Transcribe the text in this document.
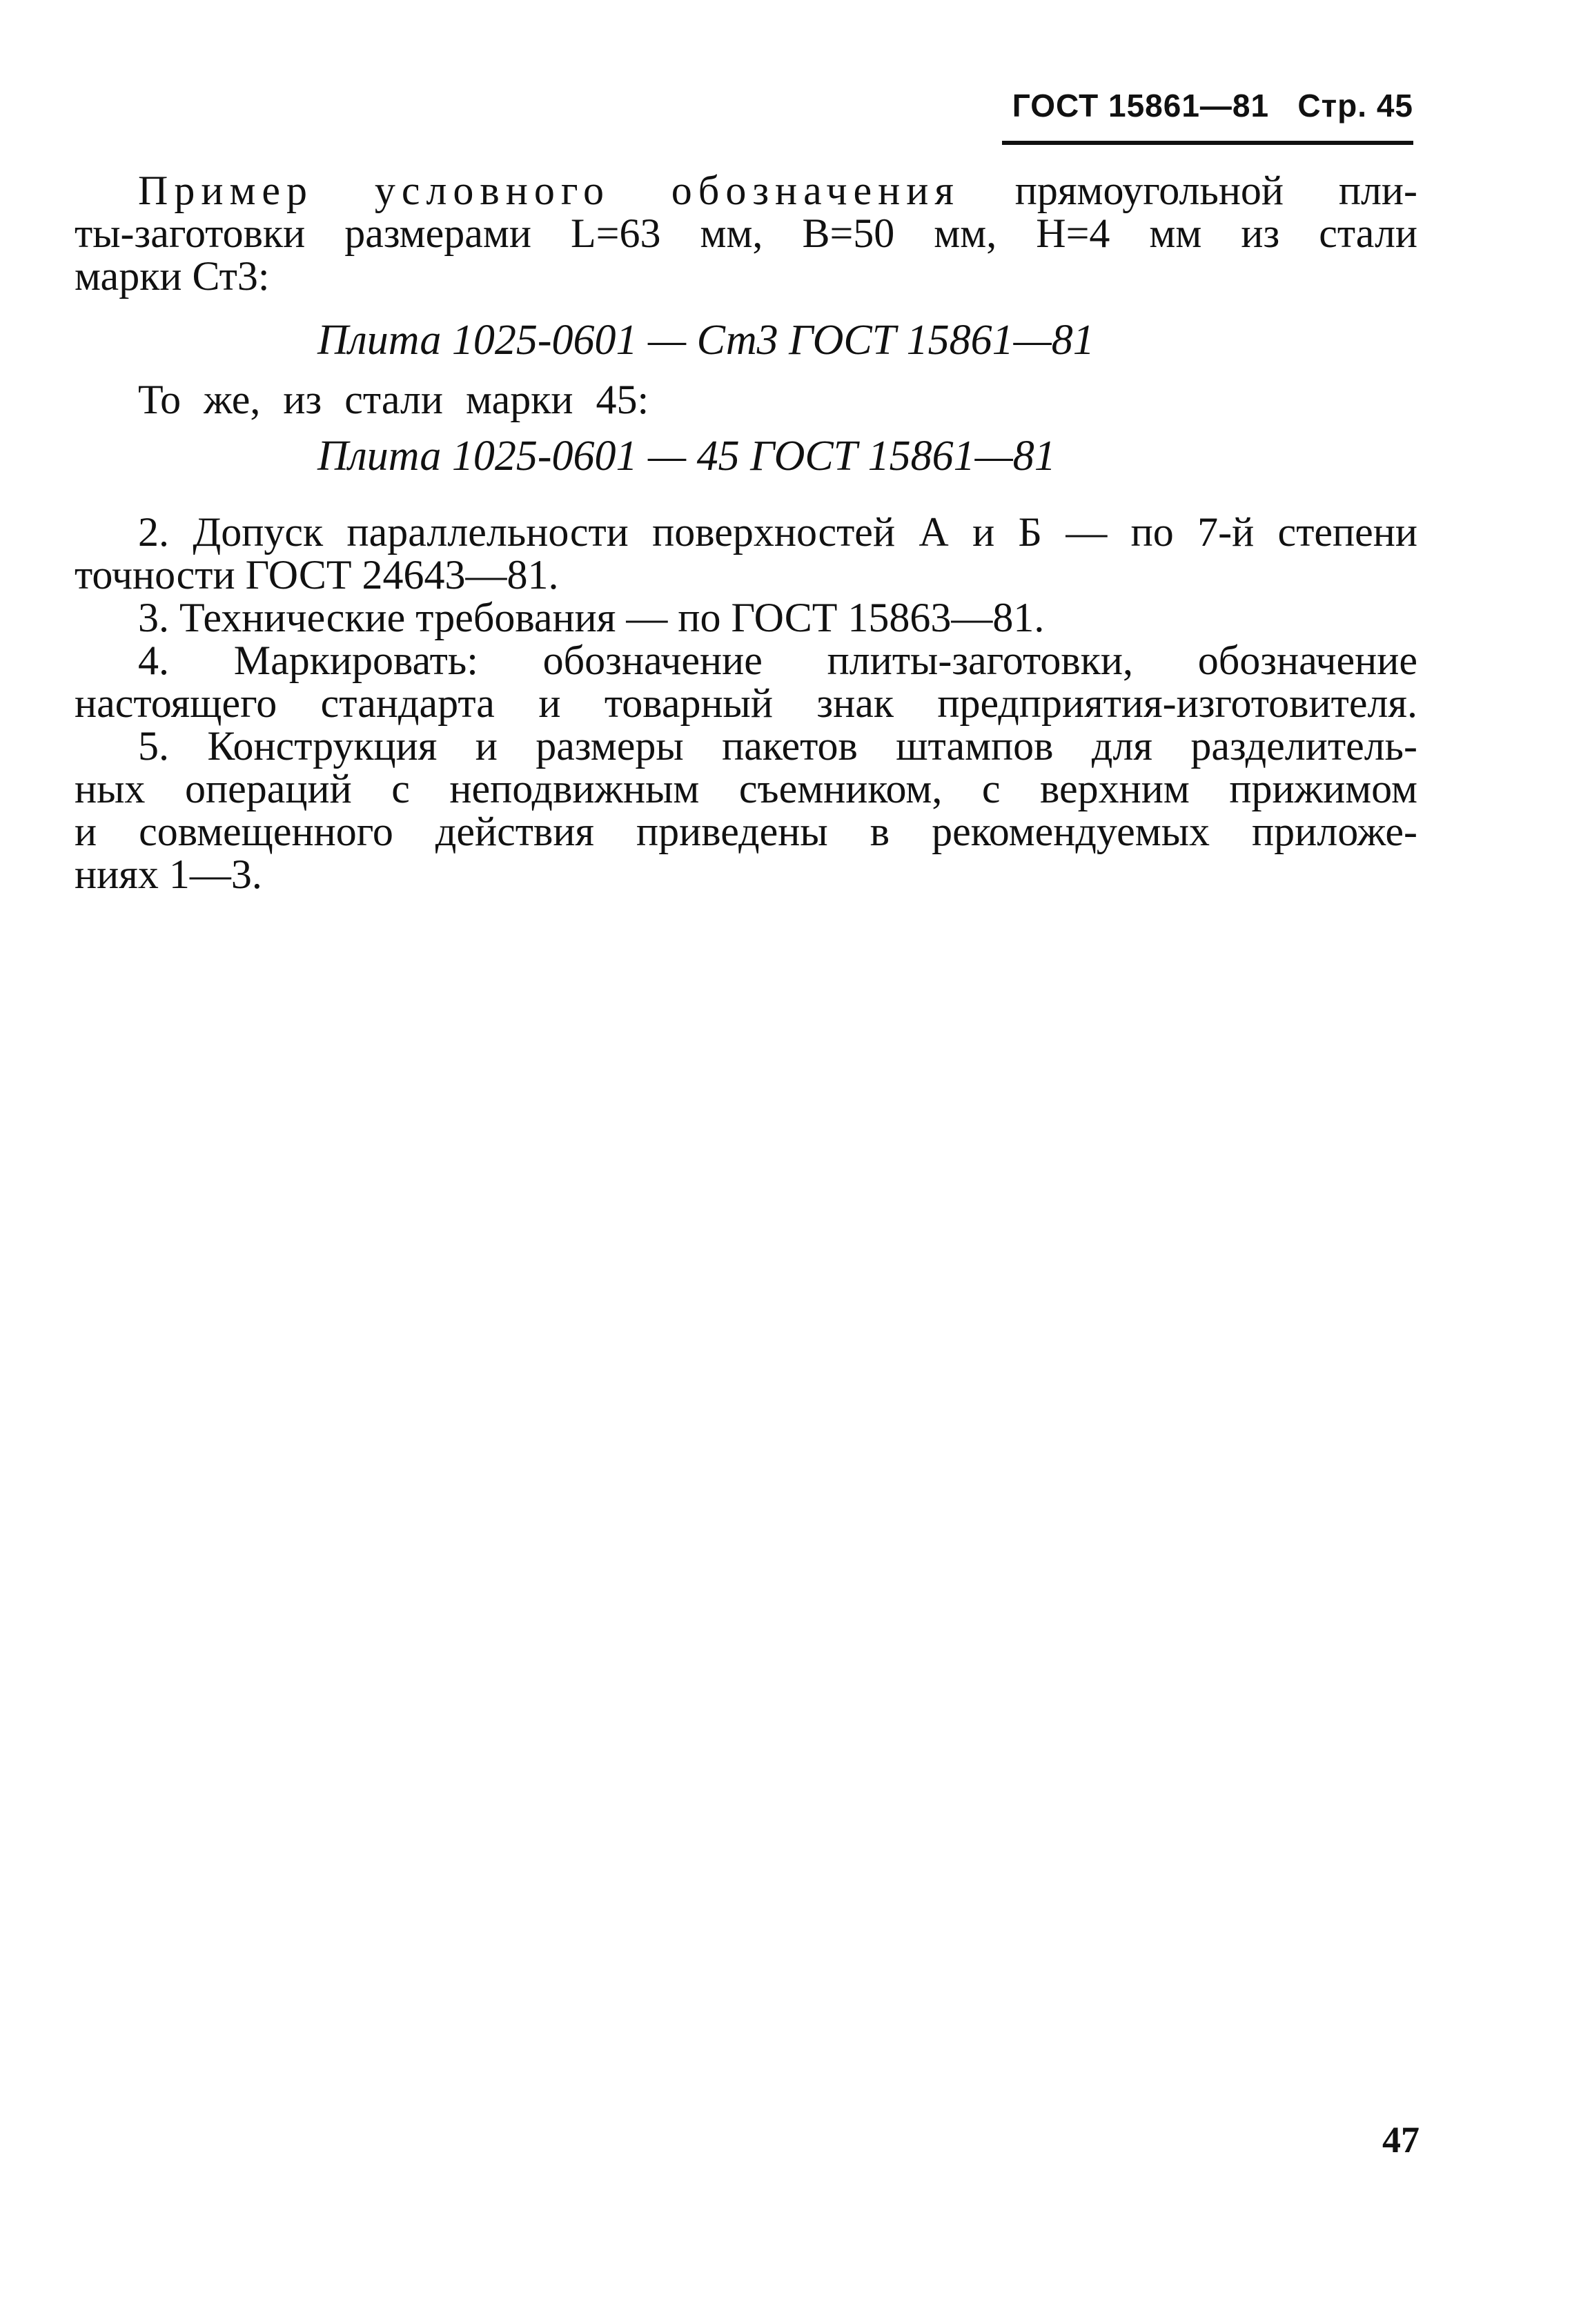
ГОСТ 15861—81 Стр. 45
Пример условного обозначения прямоугольной пли-
ты-заготовки размерами L=63 мм, B=50 мм, H=4 мм из стали
марки Ст3:

Плита 1025-0601 — Ст3 ГОСТ 15861—81

То же, из стали марки 45:

Плита 1025-0601 — 45 ГОСТ 15861—81

2. Допуск параллельности поверхностей А и Б — по 7-й степени
точности ГОСТ 24643—81.
3. Технические требования — по ГОСТ 15863—81.
4. Маркировать: обозначение плиты-заготовки, обозначение
настоящего стандарта и товарный знак предприятия-изготовителя.
5. Конструкция и размеры пакетов штампов для разделитель-
ных операций с неподвижным съемником, с верхним прижимом
и совмещенного действия приведены в рекомендуемых приложе-
ниях 1—3.
47
